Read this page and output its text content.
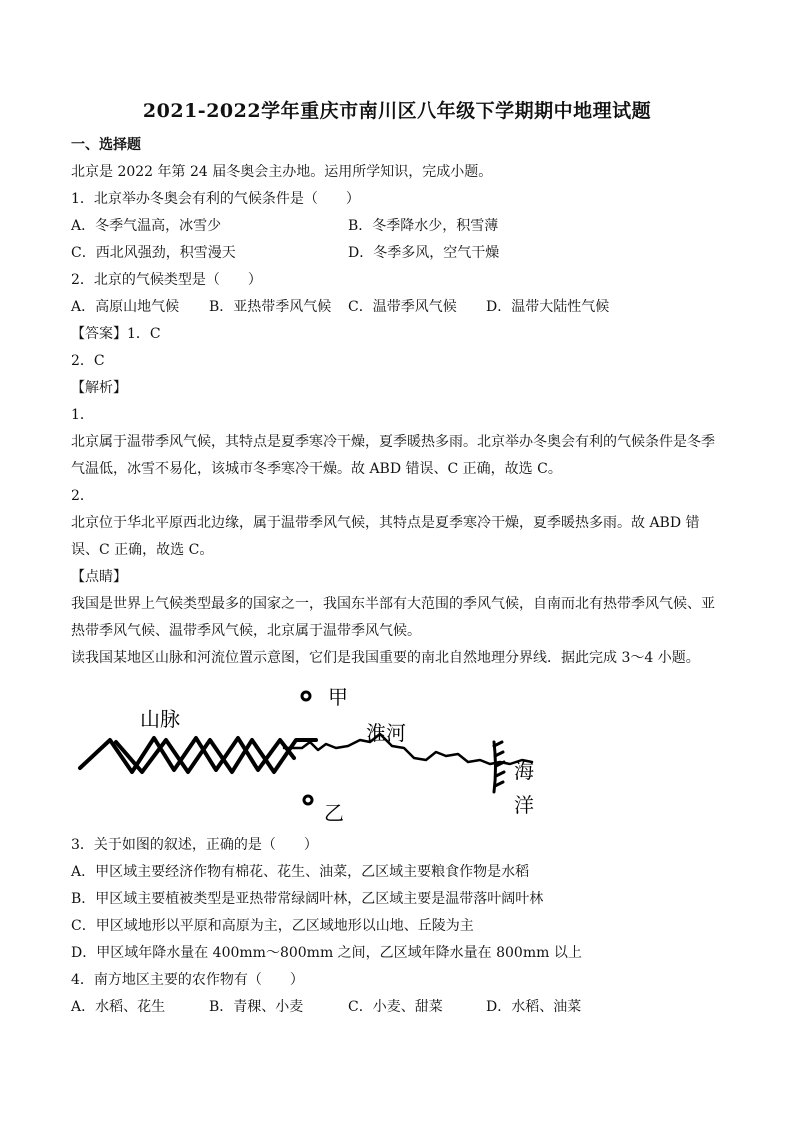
2021-2022学年重庆市南川区八年级下学期期中地理试题
一、选择题
北京是 2022 年第 24 届冬奥会主办地。运用所学知识，完成小题。
1．北京举办冬奥会有利的气候条件是（　　）
A．冬季气温高，冰雪少	B．冬季降水少，积雪薄
C．西北风强劲，积雪漫天	D．冬季多风，空气干燥
2．北京的气候类型是（　　）
A．高原山地气候 B．亚热带季风气候 C．温带季风气候 D．温带大陆性气候
【答案】1．C
2．C
【解析】
1．
北京属于温带季风气候，其特点是夏季寒冷干燥，夏季暖热多雨。北京举办冬奥会有利的气候条件是冬季
气温低，冰雪不易化，该城市冬季寒冷干燥。故 ABD 错误、C 正确，故选 C。
2．
北京位于华北平原西北边缘，属于温带季风气候，其特点是夏季寒冷干燥，夏季暖热多雨。故 ABD 错
误、C 正确，故选 C。
【点睛】
我国是世界上气候类型最多的国家之一，我国东半部有大范围的季风气候，自南而北有热带季风气候、亚
热带季风气候、温带季风气候，北京属于温带季风气候。
读我国某地区山脉和河流位置示意图，它们是我国重要的南北自然地理分界线．据此完成 3～4 小题。
山脉
淮河
海
洋
甲
乙
3．关于如图的叙述，正确的是（　　）
A．甲区域主要经济作物有棉花、花生、油菜，乙区域主要粮食作物是水稻
B．甲区域主要植被类型是亚热带常绿阔叶林，乙区域主要是温带落叶阔叶林
C．甲区域地形以平原和高原为主，乙区域地形以山地、丘陵为主
D．甲区域年降水量在 400mm～800mm 之间，乙区域年降水量在 800mm 以上
4．南方地区主要的农作物有（　　）
A．水稻、花生	B．青稞、小麦	C．小麦、甜菜	D．水稻、油菜
